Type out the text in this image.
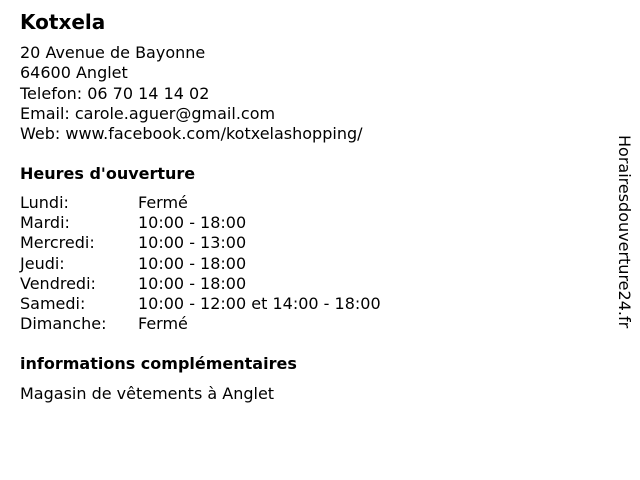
Kotxela
20 Avenue de Bayonne
64600 Anglet
Telefon: 06 70 14 14 02
Email: carole.aguer@gmail.com
Web: www.facebook.com/kotxelashopping/
Heures d'ouverture
Lundi:	Fermé
Mardi:	10:00 - 18:00
Mercredi:	10:00 - 13:00
Jeudi:	10:00 - 18:00
Vendredi:	10:00 - 18:00
Samedi:	10:00 - 12:00 et 14:00 - 18:00
Dimanche:	Fermé
informations complémentaires
Magasin de vêtements à Anglet
Horairesdouverture24.fr
